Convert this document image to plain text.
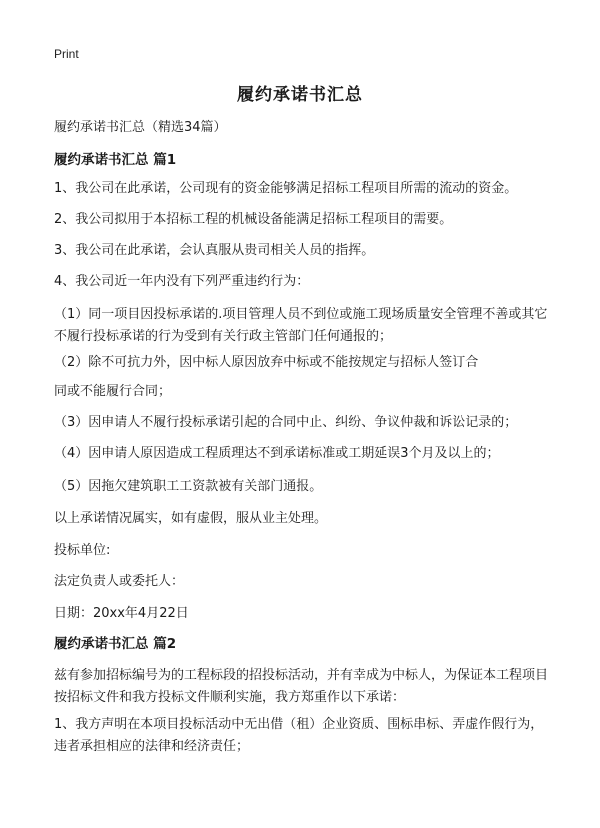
Print
履约承诺书汇总
履约承诺书汇总（精选34篇）
履约承诺书汇总 篇1
1、我公司在此承诺，公司现有的资金能够满足招标工程项目所需的流动的资金。
2、我公司拟用于本招标工程的机械设备能满足招标工程项目的需要。
3、我公司在此承诺，会认真服从贵司相关人员的指挥。
4、我公司近一年内没有下列严重违约行为：
（1）同一项目因投标承诺的.项目管理人员不到位或施工现场质量安全管理不善或其它不履行投标承诺的行为受到有关行政主管部门任何通报的；
（2）除不可抗力外，因中标人原因放弃中标或不能按规定与招标人签订合
同或不能履行合同；
（3）因申请人不履行投标承诺引起的合同中止、纠纷、争议仲裁和诉讼记录的；
（4）因申请人原因造成工程质理达不到承诺标准或工期延误3个月及以上的；
（5）因拖欠建筑职工工资款被有关部门通报。
以上承诺情况属实，如有虚假，服从业主处理。
投标单位:
法定负责人或委托人：
日期：20xx年4月22日
履约承诺书汇总 篇2
兹有参加招标编号为的工程标段的招投标活动，并有幸成为中标人，为保证本工程项目按招标文件和我方投标文件顺利实施，我方郑重作以下承诺：
1、我方声明在本项目投标活动中无出借（租）企业资质、围标串标、弄虚作假行为，违者承担相应的法律和经济责任；
